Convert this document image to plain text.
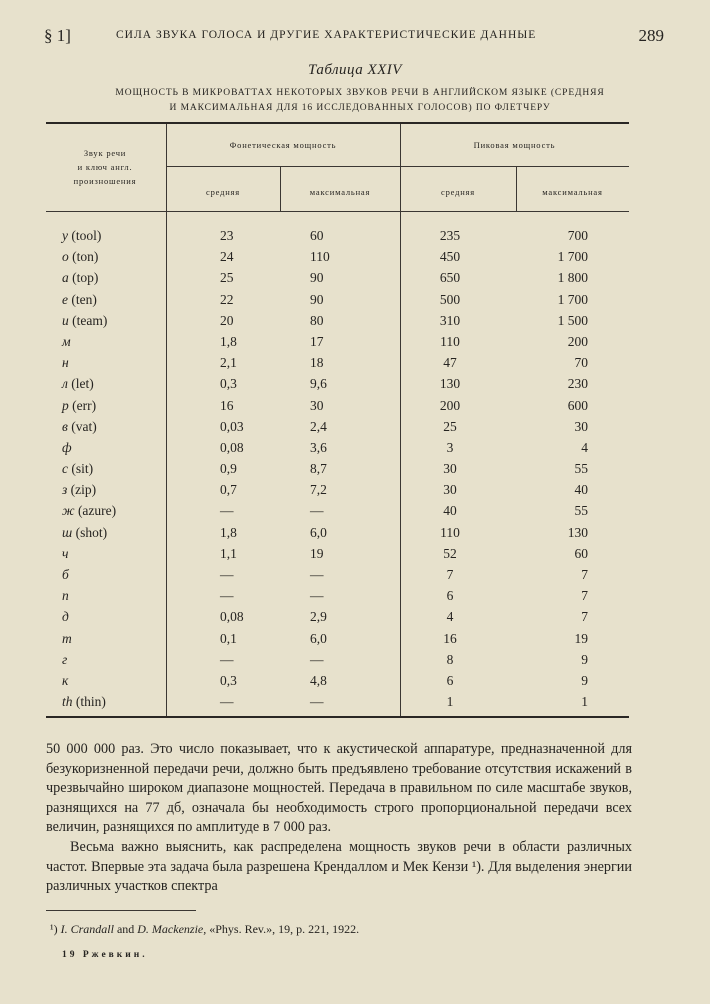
§ 1]	СИЛА ЗВУКА ГОЛОСА И ДРУГИЕ ХАРАКТЕРИСТИЧЕСКИЕ ДАННЫЕ	289
Таблица XXIV
МОЩНОСТЬ В МИКРОВАТТАХ НЕКОТОРЫХ ЗВУКОВ РЕЧИ В АНГЛИЙСКОМ ЯЗЫКЕ (СРЕДНЯЯ
И МАКСИМАЛЬНАЯ ДЛЯ 16 ИССЛЕДОВАННЫХ ГОЛОСОВ) ПО ФЛЕТЧЕРУ
Звук речи
и ключ англ.
произношения
Фонетическая мощность	Пиковая мощность
средняя	максимальная	средняя	максимальная
у (tool)	23	60	235	700
о (ton)	24	110	450	1 700
а (top)	25	90	650	1 800
е (ten)	22	90	500	1 700
и (team)	20	80	310	1 500
м	1,8	17	110	200
н	2,1	18	47	70
л (let)	0,3	9,6	130	230
р (err)	16	30	200	600
в (vat)	0,03	2,4	25	30
ф	0,08	3,6	3	4
с (sit)	0,9	8,7	30	55
з (zip)	0,7	7,2	30	40
ж (azure)	—	—	40	55
ш (shot)	1,8	6,0	110	130
ч	1,1	19	52	60
б	—	—	7	7
п	—	—	6	7
д	0,08	2,9	4	7
т	0,1	6,0	16	19
г	—	—	8	9
к	0,3	4,8	6	9
th (thin)	—	—	1	1

50 000 000 раз. Это число показывает, что к акустической аппаратуре, предназначенной для безукоризненной передачи речи, должно быть предъявлено требование отсутствия искажений в чрезвычайно широком диапазоне мощностей. Передача в правильном по силе масштабе звуков, разнящихся на 77 дб, означала бы необходимость строго пропорциональной передачи всех величин, разнящихся по амплитуде в 7 000 раз.

Весьма важно выяснить, как распределена мощность звуков речи в области различных частот. Впервые эта задача была разрешена Крендаллом и Мек Кензи ¹). Для выделения энергии различных участков спектра

¹) I. Crandall and D. Mackenzie, «Phys. Rev.», 19, p. 221, 1922.
19 Ржевкин.
